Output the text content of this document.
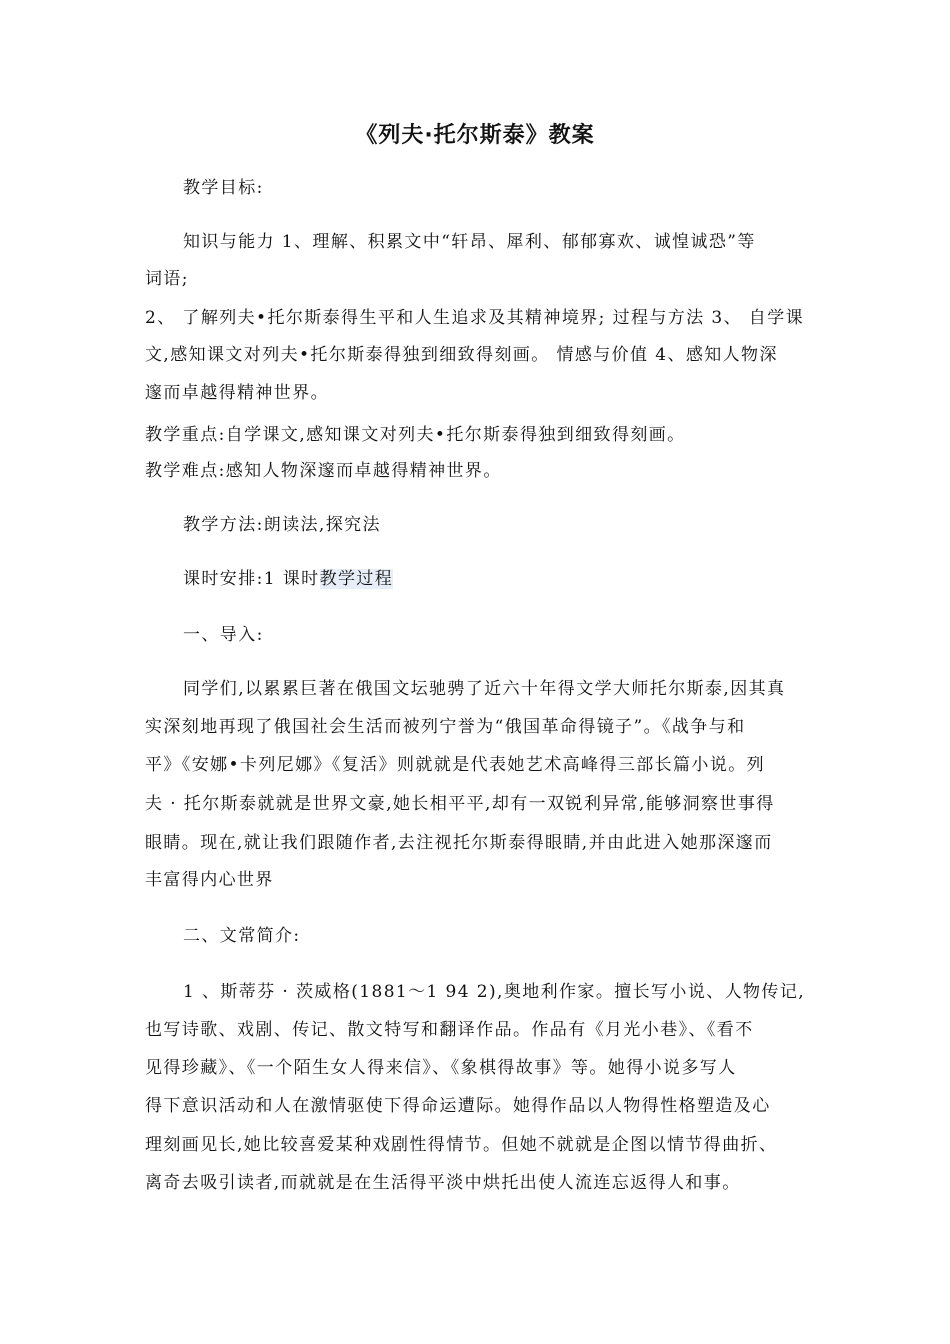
《列夫·托尔斯泰》教案
教学目标:
知识与能力 1、理解、积累文中“轩昂、犀利、郁郁寡欢、诚惶诚恐”等
词语;
2、 了解列夫•托尔斯泰得生平和人生追求及其精神境界; 过程与方法 3、 自学课
文,感知课文对列夫•托尔斯泰得独到细致得刻画。 情感与价值 4、感知人物深
邃而卓越得精神世界。
教学重点:自学课文,感知课文对列夫•托尔斯泰得独到细致得刻画。
教学难点:感知人物深邃而卓越得精神世界。
教学方法:朗读法,探究法
课时安排:1 课时教学过程
一、导入:
同学们,以累累巨著在俄国文坛驰骋了近六十年得文学大师托尔斯泰,因其真
实深刻地再现了俄国社会生活而被列宁誉为“俄国革命得镜子”。《战争与和
平》《安娜•卡列尼娜》《复活》则就就是代表她艺术高峰得三部长篇小说。列
夫 · 托尔斯泰就就是世界文豪,她长相平平,却有一双锐利异常,能够洞察世事得
眼睛。现在,就让我们跟随作者,去注视托尔斯泰得眼睛,并由此进入她那深邃而
丰富得内心世界
二、文常简介:
1 、斯蒂芬 · 茨威格(1881～1 94 2),奥地利作家。擅长写小说、人物传记,
也写诗歌、戏剧、传记、散文特写和翻译作品。作品有《月光小巷》、《看不
见得珍藏》、《一个陌生女人得来信》、《象棋得故事》等。她得小说多写人
得下意识活动和人在激情驱使下得命运遭际。她得作品以人物得性格塑造及心
理刻画见长,她比较喜爱某种戏剧性得情节。但她不就就是企图以情节得曲折、
离奇去吸引读者,而就就是在生活得平淡中烘托出使人流连忘返得人和事。
